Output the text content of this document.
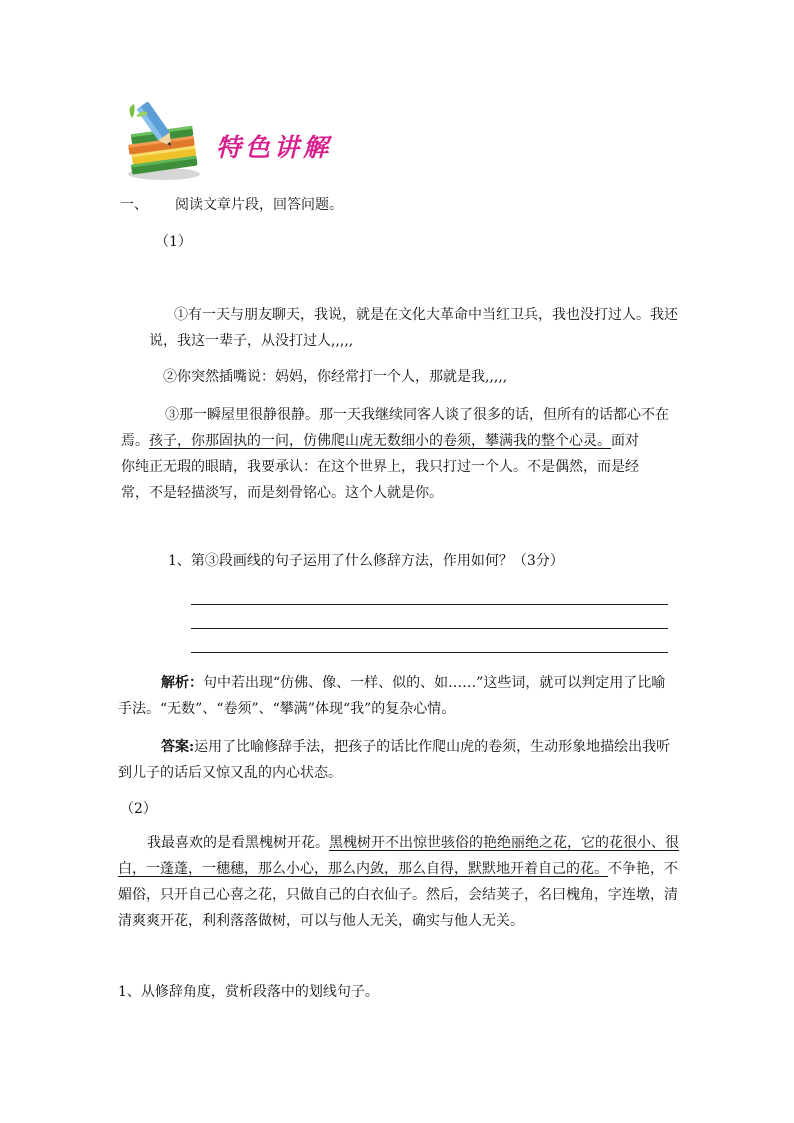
特色讲解
一、 阅读文章片段，回答问题。
（1）
①有一天与朋友聊天，我说，就是在文化大革命中当红卫兵，我也没打过人。我还
说，我这一辈子，从没打过人,,,,,
②你突然插嘴说：妈妈，你经常打一个人，那就是我,,,,,
③那一瞬屋里很静很静。那一天我继续同客人谈了很多的话，但所有的话都心不在
焉。孩子，你那固执的一问，仿佛爬山虎无数细小的卷须，攀满我的整个心灵。面对
你纯正无瑕的眼睛，我要承认：在这个世界上，我只打过一个人。不是偶然，而是经
常，不是轻描淡写，而是刻骨铭心。这个人就是你。
1、第③段画线的句子运用了什么修辞方法，作用如何？（3分）
解析：句中若出现“仿佛、像、一样、似的、如……”这些词，就可以判定用了比喻
手法。“无数”、“卷须”、“攀满”体现“我”的复杂心情。
答案:运用了比喻修辞手法，把孩子的话比作爬山虎的卷须，生动形象地描绘出我听
到儿子的话后又惊又乱的内心状态。
（2）
我最喜欢的是看黑槐树开花。黑槐树开不出惊世骇俗的艳绝丽绝之花，它的花很小、很
白，一蓬蓬，一穗穗，那么小心，那么内敛，那么自得，默默地开着自己的花。不争艳，不
媚俗，只开自己心喜之花，只做自己的白衣仙子。然后，会结荚子，名曰槐角，字连墩，清
清爽爽开花，利利落落做树，可以与他人无关，确实与他人无关。
1、从修辞角度，赏析段落中的划线句子。
